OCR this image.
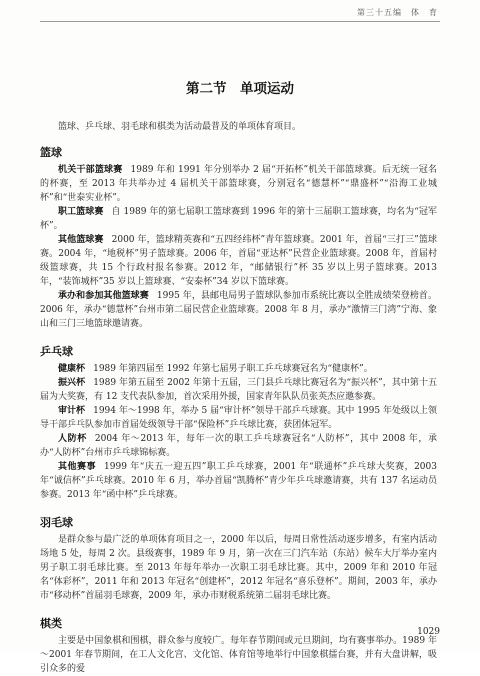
第三十五编　体　育
第二节　单项运动

篮球、乒乓球、羽毛球和棋类为活动最普及的单项体育项目。

篮球

机关干部篮球赛 1989 年和 1991 年分别举办 2 届“开拓杯”机关干部篮球赛。后无统一冠名的杯赛，至 2013 年共举办过 4 届机关干部篮球赛，分别冠名“德慧杯”“鼎盛杯”“沿海工业城杯”和“世泰实业杯”。

职工篮球赛 自 1989 年的第七届职工篮球赛到 1996 年的第十三届职工篮球赛，均名为“冠军杯”。

其他篮球赛 2000 年，篮球精英赛和“五四经纬杯”青年篮球赛。2001 年，首届“三打三”篮球赛。2004 年，“地税杯”男子篮球赛。2006 年，首届“亚达杯”民营企业篮球赛。2008 年，首届村级篮球赛，共 15 个行政村报名参赛。2012 年，“邮储银行”杯 35 岁以上男子篮球赛。2013 年，“装饰城杯”35 岁以上篮球赛、“安泰杯”34 岁以下篮球赛。

承办和参加其他篮球赛 1995 年，县邮电局男子篮球队参加市系统比赛以全胜成绩荣登榜首。2006 年，承办“德慧杯”台州市第二届民营企业篮球赛。2008 年 8 月，承办“激情三门湾”宁海、象山和三门三地篮球邀请赛。

乒乓球

健康杯 1989 年第四届至 1992 年第七届男子职工乒乓球赛冠名为“健康杯”。

振兴杯 1989 年第五届至 2002 年第十五届，三门县乒乓球比赛冠名为“振兴杯”，其中第十五届为大奖赛，有 12 支代表队参加，首次采用外援，国家青年队队员张英杰应邀参赛。

审计杯 1994 年～1998 年，举办 5 届“审计杯”领导干部乒乓球赛。其中 1995 年处级以上领导干部乒乓队参加市首届处级领导干部“保险杯”乒乓球比赛，获团体冠军。

人防杯 2004 年～2013 年，每年一次的职工乒乓球赛冠名“人防杯”，其中 2008 年，承办“人防杯”台州市乒乓球锦标赛。

其他赛事 1999 年“庆五一迎五四”职工乒乓球赛，2001 年“联通杯”乒乓球大奖赛，2003 年“诚信杯”乒乓球赛。2010 年 6 月，举办首届“凯腾杯”青少年乒乓球邀请赛，共有 137 名运动员参赛。2013 年“函中杯”乒乓球赛。

羽毛球

是群众参与最广泛的单项体育项目之一，2000 年以后，每周日常性活动逐步增多，有室内活动场地 5 处，每周 2 次。县级赛事，1989 年 9 月，第一次在三门汽车站（东站）候车大厅举办室内男子职工羽毛球比赛。至 2013 年每年举办一次职工羽毛球比赛。其中，2009 年和 2010 年冠名“体彩杯”，2011 年和 2013 年冠名“创建杯”，2012 年冠名“喜乐登杯”。期间，2003 年，承办市“移动杯”首届羽毛球赛，2009 年，承办市财税系统第二届羽毛球比赛。

棋类

主要是中国象棋和围棋，群众参与度较广。每年春节期间或元旦期间，均有赛事举办。1989 年～2001 年春节期间，在工人文化宫、文化馆、体育馆等地举行中国象棋擂台赛，并有大盘讲解，吸引众多的爱

1029
